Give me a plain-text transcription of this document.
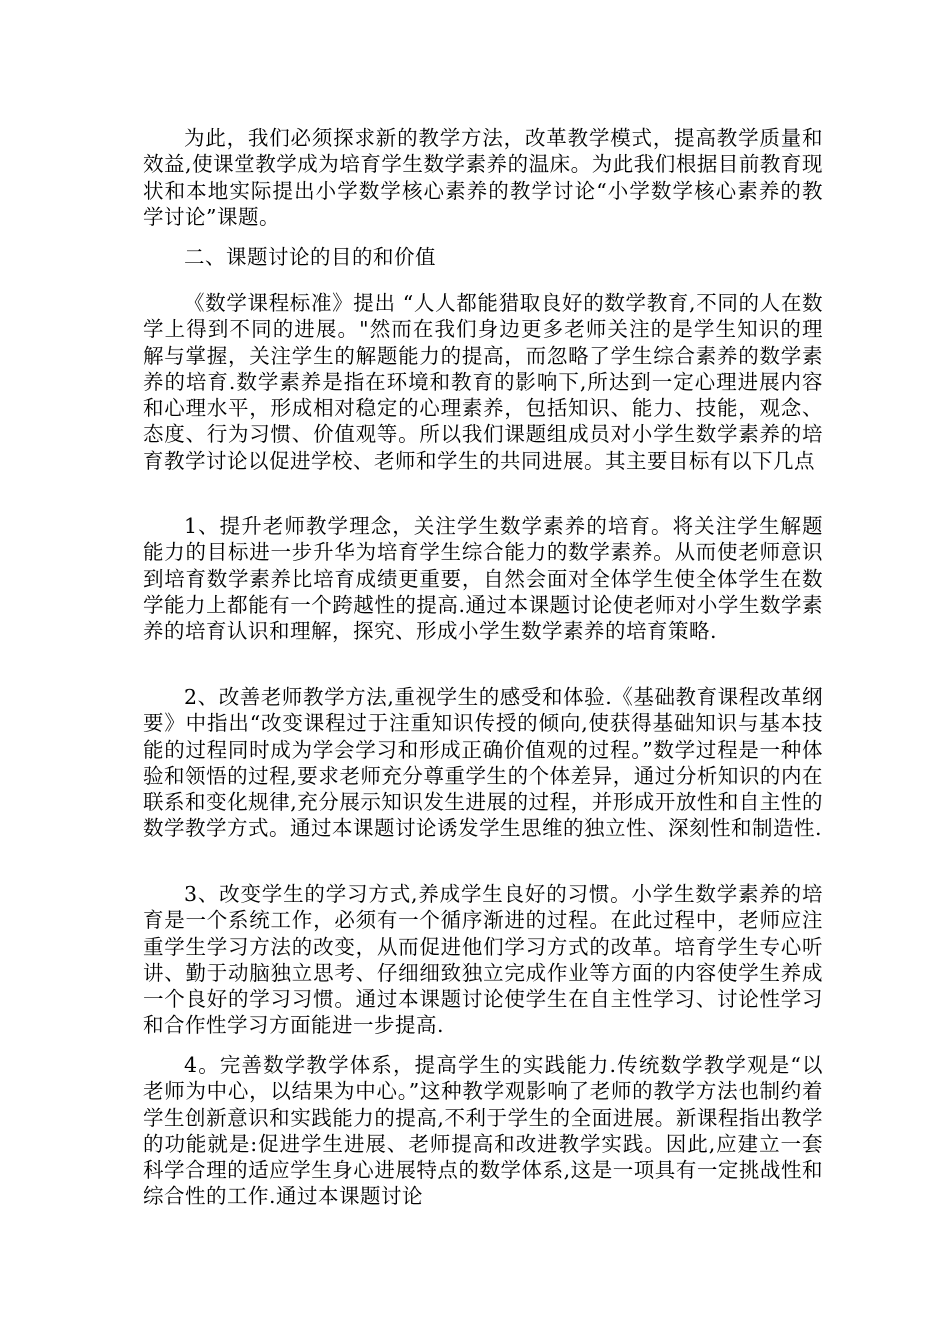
为此，我们必须探求新的教学方法，改革教学模式，提高教学质量和效益,使课堂教学成为培育学生数学素养的温床。为此我们根据目前教育现状和本地实际提出小学数学核心素养的教学讨论“小学数学核心素养的教学讨论”课题。

二、课题讨论的目的和价值

《数学课程标准》提出 “人人都能猎取良好的数学教育,不同的人在数学上得到不同的进展。"然而在我们身边更多老师关注的是学生知识的理解与掌握，关注学生的解题能力的提高，而忽略了学生综合素养的数学素养的培育.数学素养是指在环境和教育的影响下,所达到一定心理进展内容和心理水平，形成相对稳定的心理素养，包括知识、能力、技能，观念、态度、行为习惯、价值观等。所以我们课题组成员对小学生数学素养的培育教学讨论以促进学校、老师和学生的共同进展。其主要目标有以下几点

1、提升老师教学理念，关注学生数学素养的培育。将关注学生解题能力的目标进一步升华为培育学生综合能力的数学素养。从而使老师意识到培育数学素养比培育成绩更重要，自然会面对全体学生使全体学生在数学能力上都能有一个跨越性的提高.通过本课题讨论使老师对小学生数学素养的培育认识和理解，探究、形成小学生数学素养的培育策略.

2、改善老师教学方法,重视学生的感受和体验.《基础教育课程改革纲要》中指出“改变课程过于注重知识传授的倾向,使获得基础知识与基本技能的过程同时成为学会学习和形成正确价值观的过程。”数学过程是一种体验和领悟的过程,要求老师充分尊重学生的个体差异，通过分析知识的内在联系和变化规律,充分展示知识发生进展的过程，并形成开放性和自主性的数学教学方式。通过本课题讨论诱发学生思维的独立性、深刻性和制造性.

3、改变学生的学习方式,养成学生良好的习惯。小学生数学素养的培育是一个系统工作，必须有一个循序渐进的过程。在此过程中，老师应注重学生学习方法的改变，从而促进他们学习方式的改革。培育学生专心听讲、勤于动脑独立思考、仔细细致独立完成作业等方面的内容使学生养成一个良好的学习习惯。通过本课题讨论使学生在自主性学习、讨论性学习和合作性学习方面能进一步提高.

4。完善数学教学体系，提高学生的实践能力.传统数学教学观是“以老师为中心，以结果为中心。”这种教学观影响了老师的教学方法也制约着学生创新意识和实践能力的提高,不利于学生的全面进展。新课程指出教学的功能就是:促进学生进展、老师提高和改进教学实践。因此,应建立一套科学合理的适应学生身心进展特点的数学体系,这是一项具有一定挑战性和综合性的工作.通过本课题讨论
